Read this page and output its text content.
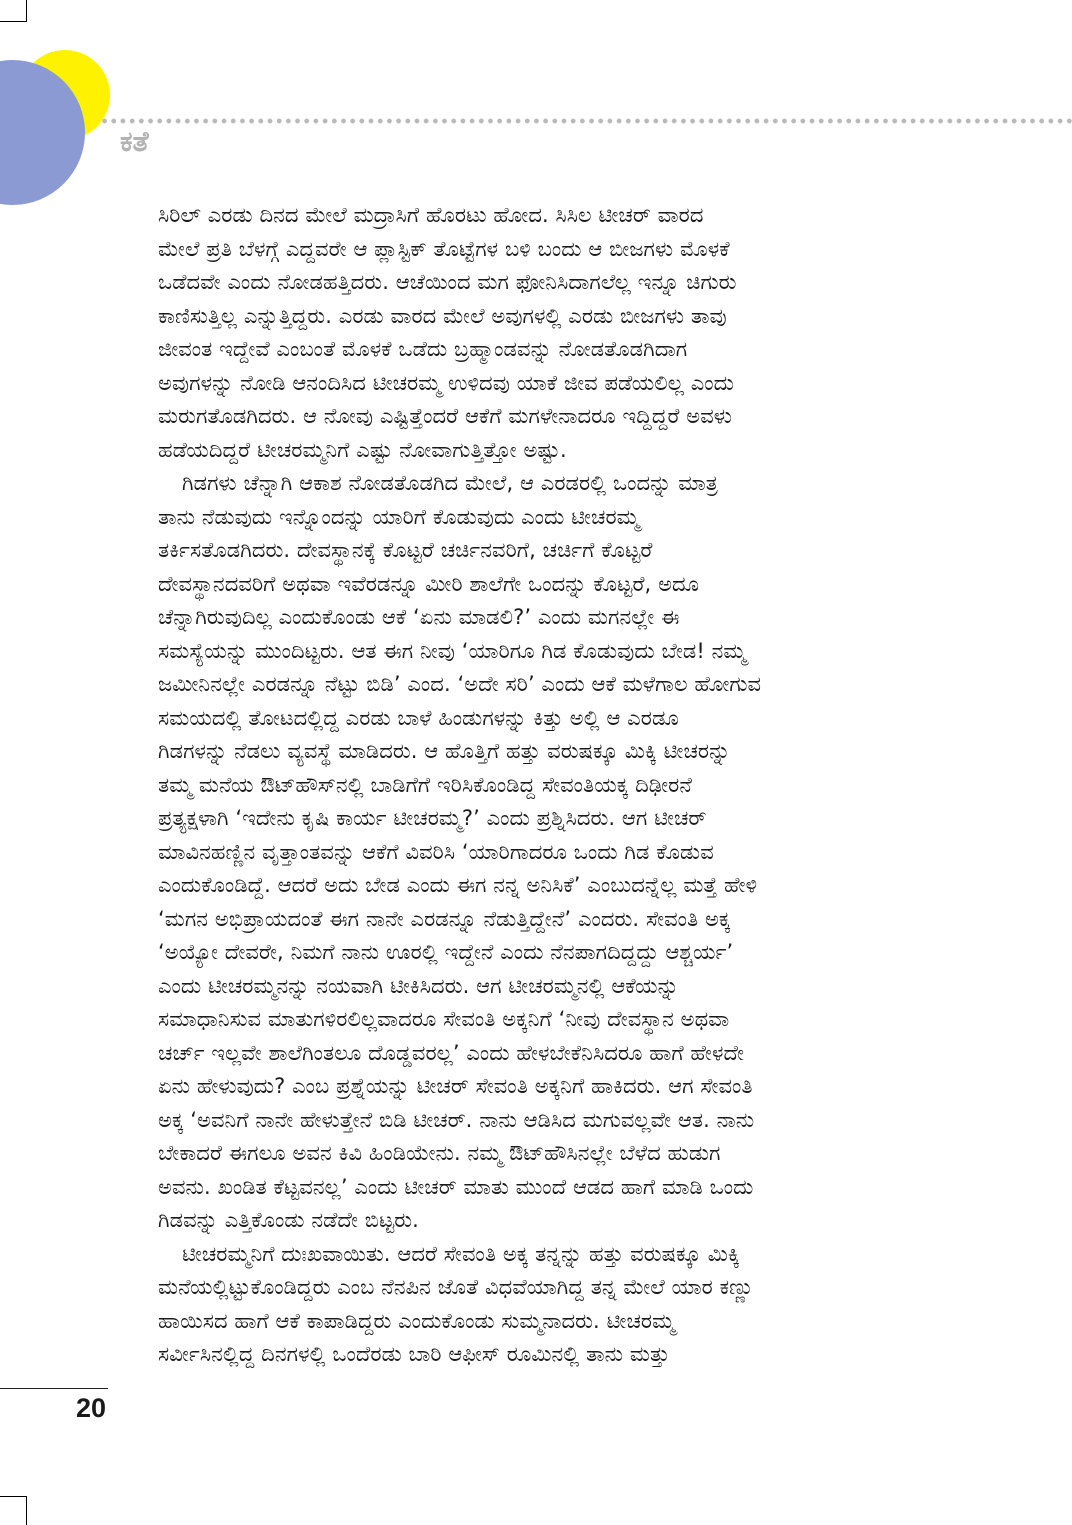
ಕತೆ
ಸಿರಿಲ್ ಎರಡು ದಿನದ ಮೇಲೆ ಮದ್ರಾಸಿಗೆ ಹೊರಟು ಹೋದ. ಸಿಸಿಲ ಟೀಚರ್ ವಾರದ
ಮೇಲೆ ಪ್ರತಿ ಬೆಳಗ್ಗೆ ಎದ್ದವರೇ ಆ ಪ್ಲಾಸ್ಟಿಕ್ ತೊಟ್ಟೆಗಳ ಬಳಿ ಬಂದು ಆ ಬೀಜಗಳು ಮೊಳಕೆ
ಒಡೆದವೇ ಎಂದು ನೋಡಹತ್ತಿದರು. ಆಚೆಯಿಂದ ಮಗ ಫೋನಿಸಿದಾಗಲೆಲ್ಲ ಇನ್ನೂ ಚಿಗುರು
ಕಾಣಿಸುತ್ತಿಲ್ಲ ಎನ್ನುತ್ತಿದ್ದರು. ಎರಡು ವಾರದ ಮೇಲೆ ಅವುಗಳಲ್ಲಿ ಎರಡು ಬೀಜಗಳು ತಾವು
ಜೀವಂತ ಇದ್ದೇವೆ ಎಂಬಂತೆ ಮೊಳಕೆ ಒಡೆದು ಬ್ರಹ್ಮಾಂಡವನ್ನು ನೋಡತೊಡಗಿದಾಗ
ಅವುಗಳನ್ನು ನೋಡಿ ಆನಂದಿಸಿದ ಟೀಚರಮ್ಮ ಉಳಿದವು ಯಾಕೆ ಜೀವ ಪಡೆಯಲಿಲ್ಲ ಎಂದು
ಮರುಗತೊಡಗಿದರು. ಆ ನೋವು ಎಷ್ಟಿತ್ತೆಂದರೆ ಆಕೆಗೆ ಮಗಳೇನಾದರೂ ಇದ್ದಿದ್ದರೆ ಅವಳು
ಹಡೆಯದಿದ್ದರೆ ಟೀಚರಮ್ಮನಿಗೆ ಎಷ್ಟು ನೋವಾಗುತ್ತಿತ್ತೋ ಅಷ್ಟು.
ಗಿಡಗಳು ಚೆನ್ನಾಗಿ ಆಕಾಶ ನೋಡತೊಡಗಿದ ಮೇಲೆ, ಆ ಎರಡರಲ್ಲಿ ಒಂದನ್ನು ಮಾತ್ರ
ತಾನು ನೆಡುವುದು ಇನ್ನೊಂದನ್ನು ಯಾರಿಗೆ ಕೊಡುವುದು ಎಂದು ಟೀಚರಮ್ಮ
ತರ್ಕಿಸತೊಡಗಿದರು. ದೇವಸ್ಥಾನಕ್ಕೆ ಕೊಟ್ಟರೆ ಚರ್ಚಿನವರಿಗೆ, ಚರ್ಚಿಗೆ ಕೊಟ್ಟರೆ
ದೇವಸ್ಥಾನದವರಿಗೆ ಅಥವಾ ಇವೆರಡನ್ನೂ ಮೀರಿ ಶಾಲೆಗೇ ಒಂದನ್ನು ಕೊಟ್ಟರೆ, ಅದೂ
ಚೆನ್ನಾಗಿರುವುದಿಲ್ಲ ಎಂದುಕೊಂಡು ಆಕೆ ‘ಏನು ಮಾಡಲಿ?’ ಎಂದು ಮಗನಲ್ಲೇ ಈ
ಸಮಸ್ಯೆಯನ್ನು ಮುಂದಿಟ್ಟರು. ಆತ ಈಗ ನೀವು ‘ಯಾರಿಗೂ ಗಿಡ ಕೊಡುವುದು ಬೇಡ! ನಮ್ಮ
ಜಮೀನಿನಲ್ಲೇ ಎರಡನ್ನೂ ನೆಟ್ಟು ಬಿಡಿ’ ಎಂದ. ‘ಅದೇ ಸರಿ’ ಎಂದು ಆಕೆ ಮಳೆಗಾಲ ಹೋಗುವ
ಸಮಯದಲ್ಲಿ ತೋಟದಲ್ಲಿದ್ದ ಎರಡು ಬಾಳೆ ಹಿಂಡುಗಳನ್ನು ಕಿತ್ತು ಅಲ್ಲಿ ಆ ಎರಡೂ
ಗಿಡಗಳನ್ನು ನೆಡಲು ವ್ಯವಸ್ಥೆ ಮಾಡಿದರು. ಆ ಹೊತ್ತಿಗೆ ಹತ್ತು ವರುಷಕ್ಕೂ ಮಿಕ್ಕಿ ಟೀಚರನ್ನು
ತಮ್ಮ ಮನೆಯ ಔಟ್‌ಹೌಸ್‌ನಲ್ಲಿ ಬಾಡಿಗೆಗೆ ಇರಿಸಿಕೊಂಡಿದ್ದ ಸೇವಂತಿಯಕ್ಕ ದಿಢೀರನೆ
ಪ್ರತ್ಯಕ್ಷಳಾಗಿ ‘ಇದೇನು ಕೃಷಿ ಕಾರ್ಯ ಟೀಚರಮ್ಮ?’ ಎಂದು ಪ್ರಶ್ನಿಸಿದರು. ಆಗ ಟೀಚರ್
ಮಾವಿನಹಣ್ಣಿನ ವೃತ್ತಾಂತವನ್ನು ಆಕೆಗೆ ವಿವರಿಸಿ ‘ಯಾರಿಗಾದರೂ ಒಂದು ಗಿಡ ಕೊಡುವ
ಎಂದುಕೊಂಡಿದ್ದೆ. ಆದರೆ ಅದು ಬೇಡ ಎಂದು ಈಗ ನನ್ನ ಅನಿಸಿಕೆ’ ಎಂಬುದನ್ನೆಲ್ಲ ಮತ್ತೆ ಹೇಳಿ
‘ಮಗನ ಅಭಿಪ್ರಾಯದಂತೆ ಈಗ ನಾನೇ ಎರಡನ್ನೂ ನೆಡುತ್ತಿದ್ದೇನೆ’ ಎಂದರು. ಸೇವಂತಿ ಅಕ್ಕ
‘ಅಯ್ಯೋ ದೇವರೇ, ನಿಮಗೆ ನಾನು ಊರಲ್ಲಿ ಇದ್ದೇನೆ ಎಂದು ನೆನಪಾಗದಿದ್ದದ್ದು ಆಶ್ಚರ್ಯ’
ಎಂದು ಟೀಚರಮ್ಮನನ್ನು ನಯವಾಗಿ ಟೀಕಿಸಿದರು. ಆಗ ಟೀಚರಮ್ಮನಲ್ಲಿ ಆಕೆಯನ್ನು
ಸಮಾಧಾನಿಸುವ ಮಾತುಗಳಿರಲಿಲ್ಲವಾದರೂ ಸೇವಂತಿ ಅಕ್ಕನಿಗೆ ‘ನೀವು ದೇವಸ್ಥಾನ ಅಥವಾ
ಚರ್ಚ್ ಇಲ್ಲವೇ ಶಾಲೆಗಿಂತಲೂ ದೊಡ್ಡವರಲ್ಲ’ ಎಂದು ಹೇಳಬೇಕೆನಿಸಿದರೂ ಹಾಗೆ ಹೇಳದೇ
ಏನು ಹೇಳುವುದು? ಎಂಬ ಪ್ರಶ್ನೆಯನ್ನು ಟೀಚರ್ ಸೇವಂತಿ ಅಕ್ಕನಿಗೆ ಹಾಕಿದರು. ಆಗ ಸೇವಂತಿ
ಅಕ್ಕ ‘ಅವನಿಗೆ ನಾನೇ ಹೇಳುತ್ತೇನೆ ಬಿಡಿ ಟೀಚರ್. ನಾನು ಆಡಿಸಿದ ಮಗುವಲ್ಲವೇ ಆತ. ನಾನು
ಬೇಕಾದರೆ ಈಗಲೂ ಅವನ ಕಿವಿ ಹಿಂಡಿಯೇನು. ನಮ್ಮ ಔಟ್‌ಹೌಸಿನಲ್ಲೇ ಬೆಳೆದ ಹುಡುಗ
ಅವನು. ಖಂಡಿತ ಕೆಟ್ಟವನಲ್ಲ’ ಎಂದು ಟೀಚರ್ ಮಾತು ಮುಂದೆ ಆಡದ ಹಾಗೆ ಮಾಡಿ ಒಂದು
ಗಿಡವನ್ನು ಎತ್ತಿಕೊಂಡು ನಡೆದೇ ಬಿಟ್ಟರು.
ಟೀಚರಮ್ಮನಿಗೆ ದುಃಖವಾಯಿತು. ಆದರೆ ಸೇವಂತಿ ಅಕ್ಕ ತನ್ನನ್ನು ಹತ್ತು ವರುಷಕ್ಕೂ ಮಿಕ್ಕಿ
ಮನೆಯಲ್ಲಿಟ್ಟುಕೊಂಡಿದ್ದರು ಎಂಬ ನೆನಪಿನ ಜೊತೆ ವಿಧವೆಯಾಗಿದ್ದ ತನ್ನ ಮೇಲೆ ಯಾರ ಕಣ್ಣು
ಹಾಯಿಸದ ಹಾಗೆ ಆಕೆ ಕಾಪಾಡಿದ್ದರು ಎಂದುಕೊಂಡು ಸುಮ್ಮನಾದರು. ಟೀಚರಮ್ಮ
ಸರ್ವೀಸಿನಲ್ಲಿದ್ದ ದಿನಗಳಲ್ಲಿ ಒಂದೆರಡು ಬಾರಿ ಆಫೀಸ್ ರೂಮಿನಲ್ಲಿ ತಾನು ಮತ್ತು
20
